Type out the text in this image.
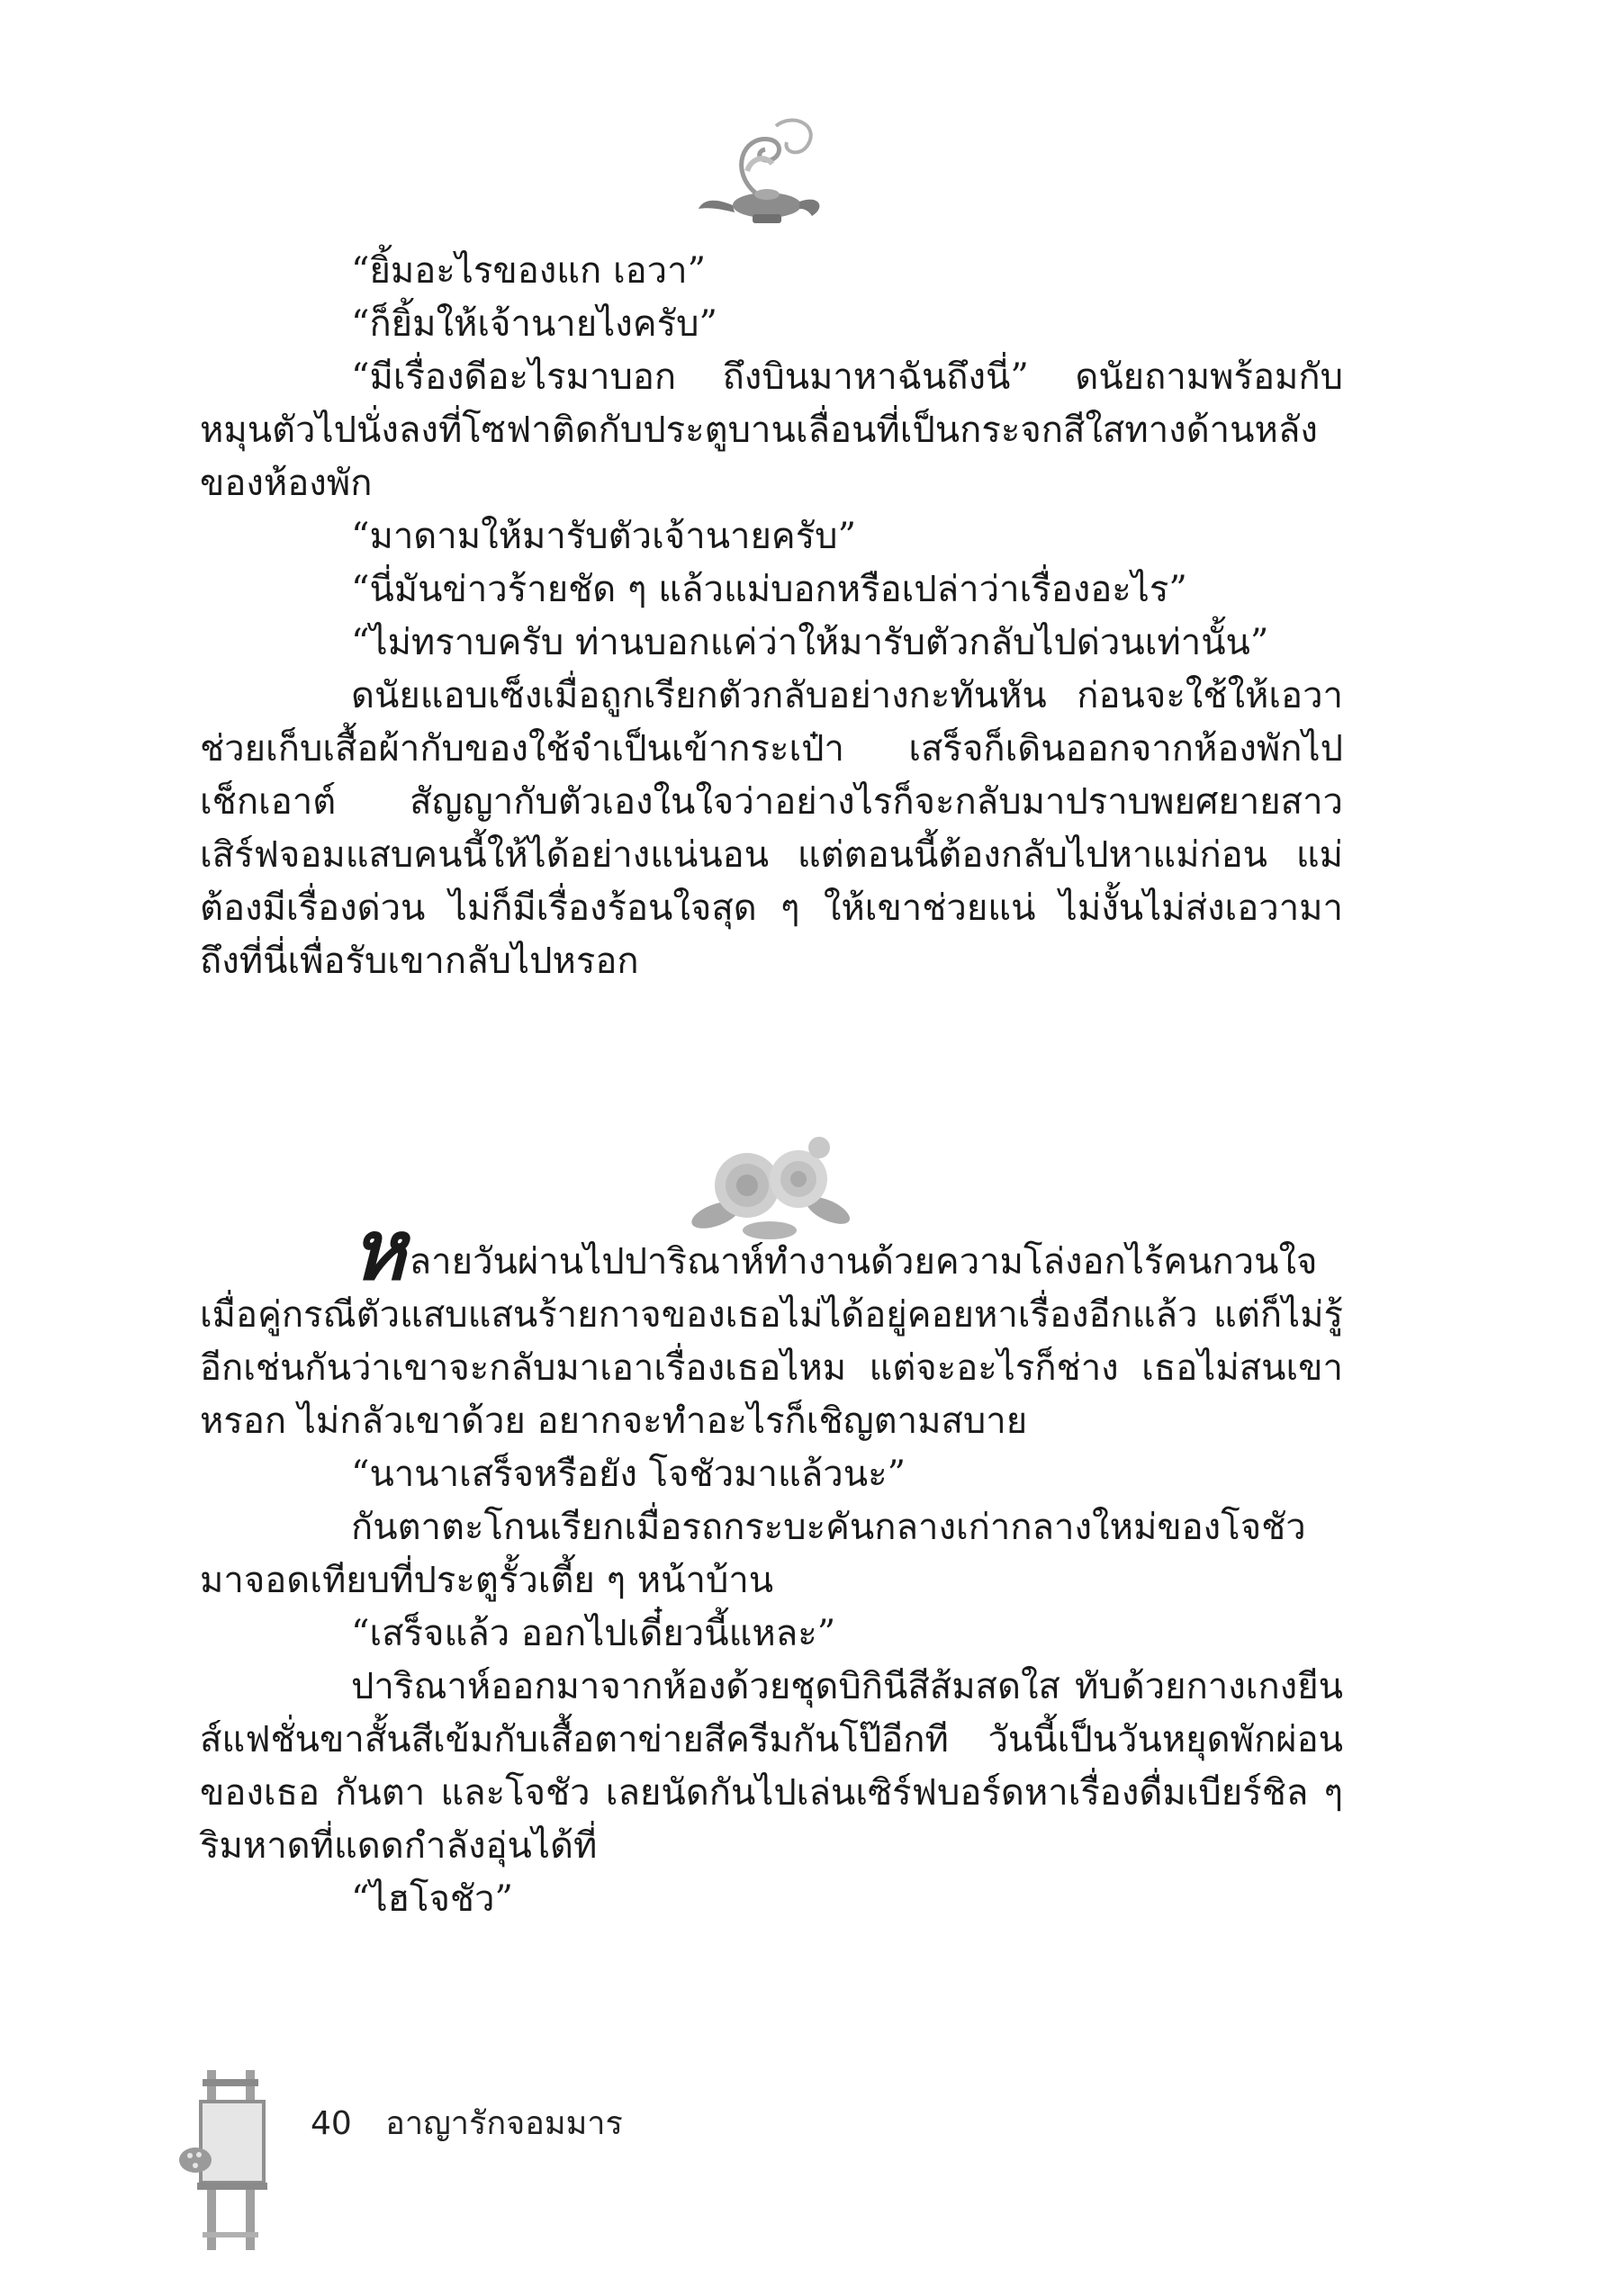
“ยิ้มอะไรของแก เอวา”

“ก็ยิ้มให้เจ้านายไงครับ”

“มีเรื่องดีอะไรมาบอก ถึงบินมาหาฉันถึงนี่” ดนัยถามพร้อมกับหมุนตัวไปนั่งลงที่โซฟาติดกับประตูบานเลื่อนที่เป็นกระจกสีใสทางด้านหลังของห้องพัก

“มาดามให้มารับตัวเจ้านายครับ”

“นี่มันข่าวร้ายชัด ๆ แล้วแม่บอกหรือเปล่าว่าเรื่องอะไร”

“ไม่ทราบครับ ท่านบอกแค่ว่าให้มารับตัวกลับไปด่วนเท่านั้น”

ดนัยแอบเซ็งเมื่อถูกเรียกตัวกลับอย่างกะทันหัน ก่อนจะใช้ให้เอวาช่วยเก็บเสื้อผ้ากับของใช้จำเป็นเข้ากระเป๋า เสร็จก็เดินออกจากห้องพักไปเช็กเอาต์ สัญญากับตัวเองในใจว่าอย่างไรก็จะกลับมาปราบพยศยายสาวเสิร์ฟจอมแสบคนนี้ให้ได้อย่างแน่นอน แต่ตอนนี้ต้องกลับไปหาแม่ก่อน แม่ต้องมีเรื่องด่วน ไม่ก็มีเรื่องร้อนใจสุด ๆ ให้เขาช่วยแน่ ไม่งั้นไม่ส่งเอวามาถึงที่นี่เพื่อรับเขากลับไปหรอก

หลายวันผ่านไปปาริณาห์ทำงานด้วยความโล่งอกไร้คนกวนใจ เมื่อคู่กรณีตัวแสบแสนร้ายกาจของเธอไม่ได้อยู่คอยหาเรื่องอีกแล้ว แต่ก็ไม่รู้อีกเช่นกันว่าเขาจะกลับมาเอาเรื่องเธอไหม แต่จะอะไรก็ช่าง เธอไม่สนเขาหรอก ไม่กลัวเขาด้วย อยากจะทำอะไรก็เชิญตามสบาย

“นานาเสร็จหรือยัง โจชัวมาแล้วนะ”

กันตาตะโกนเรียกเมื่อรถกระบะคันกลางเก่ากลางใหม่ของโจชัวมาจอดเทียบที่ประตูรั้วเตี้ย ๆ หน้าบ้าน

“เสร็จแล้ว ออกไปเดี๋ยวนี้แหละ”

ปาริณาห์ออกมาจากห้องด้วยชุดบิกินีสีส้มสดใส ทับด้วยกางเกงยีนส์แฟชั่นขาสั้นสีเข้มกับเสื้อตาข่ายสีครีมกันโป๊อีกที วันนี้เป็นวันหยุดพักผ่อนของเธอ กันตา และโจชัว เลยนัดกันไปเล่นเซิร์ฟบอร์ดหาเรื่องดื่มเบียร์ชิล ๆ ริมหาดที่แดดกำลังอุ่นได้ที่

“ไฮโจชัว”

40 อาญารักจอมมาร
